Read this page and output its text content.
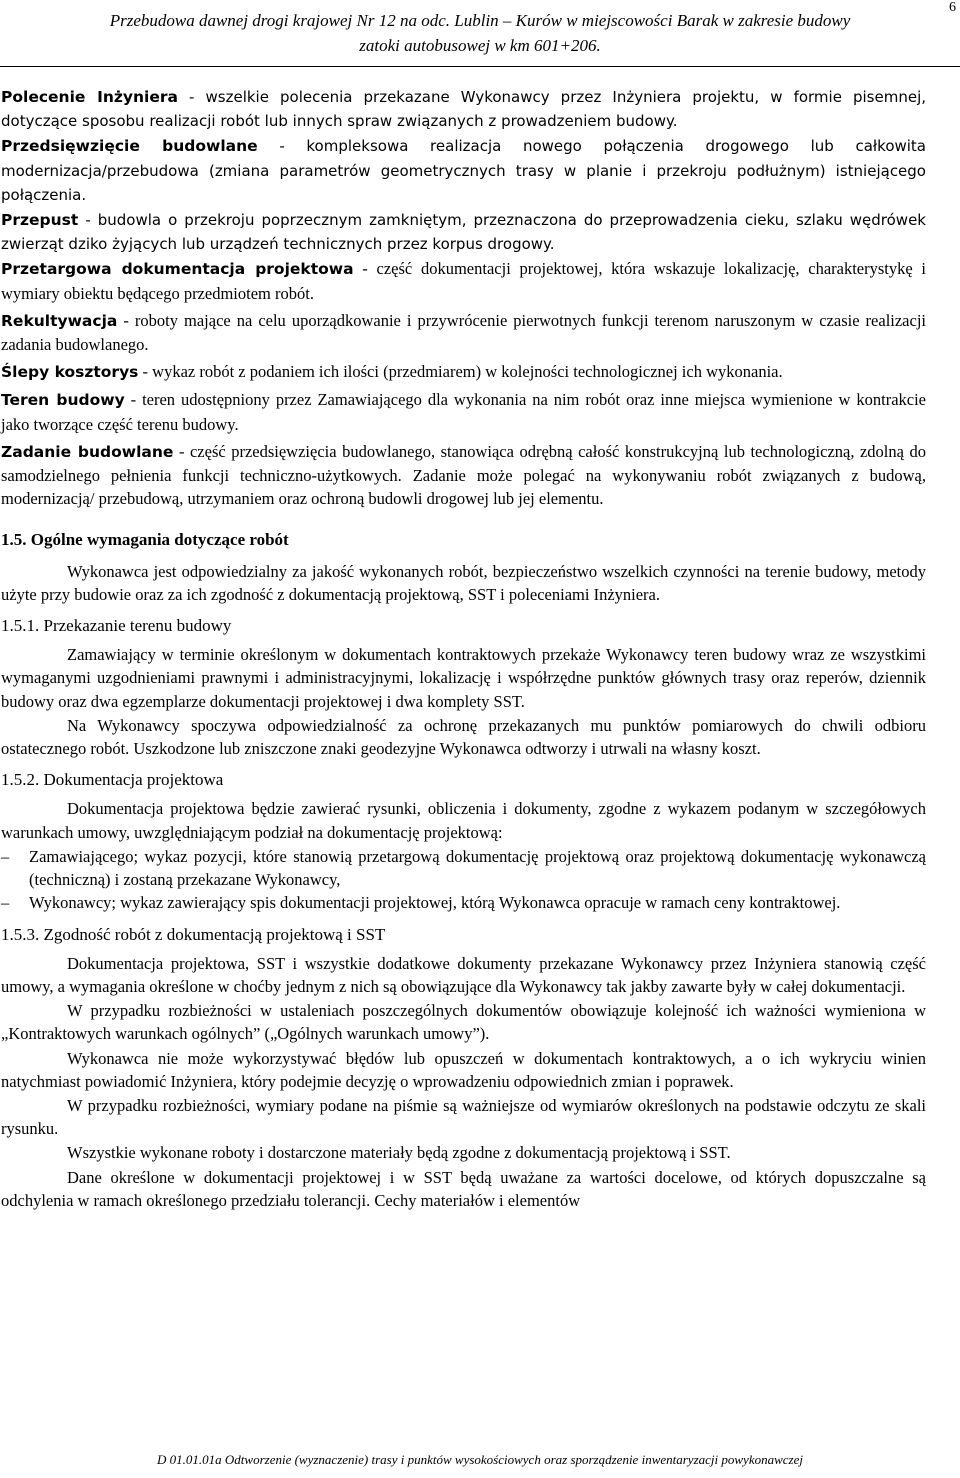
Przebudowa dawnej drogi krajowej Nr 12 na odc. Lublin – Kurów w miejscowości Barak w zakresie budowy
zatoki autobusowej w km 601+206.
6

Polecenie Inżyniera - wszelkie polecenia przekazane Wykonawcy przez Inżyniera projektu, w formie pisemnej, dotyczące sposobu realizacji robót lub innych spraw związanych z prowadzeniem budowy.

Przedsięwzięcie budowlane - kompleksowa realizacja nowego połączenia drogowego lub całkowita modernizacja/przebudowa (zmiana parametrów geometrycznych trasy w planie i przekroju podłużnym) istniejącego połączenia.

Przepust - budowla o przekroju poprzecznym zamkniętym, przeznaczona do przeprowadzenia cieku, szlaku wędrówek zwierząt dziko żyjących lub urządzeń technicznych przez korpus drogowy.

Przetargowa dokumentacja projektowa - część dokumentacji projektowej, która wskazuje lokalizację, charakterystykę i wymiary obiektu będącego przedmiotem robót.

Rekultywacja - roboty mające na celu uporządkowanie i przywrócenie pierwotnych funkcji terenom naruszonym w czasie realizacji zadania budowlanego.

Ślepy kosztorys - wykaz robót z podaniem ich ilości (przedmiarem) w kolejności technologicznej ich wykonania.

Teren budowy - teren udostępniony przez Zamawiającego dla wykonania na nim robót oraz inne miejsca wymienione w kontrakcie jako tworzące część terenu budowy.

Zadanie budowlane - część przedsięwzięcia budowlanego, stanowiąca odrębną całość konstrukcyjną lub technologiczną, zdolną do samodzielnego pełnienia funkcji techniczno-użytkowych. Zadanie może polegać na wykonywaniu robót związanych z budową, modernizacją/ przebudową, utrzymaniem oraz ochroną budowli drogowej lub jej elementu.

1.5. Ogólne wymagania dotyczące robót

Wykonawca jest odpowiedzialny za jakość wykonanych robót, bezpieczeństwo wszelkich czynności na terenie budowy, metody użyte przy budowie oraz za ich zgodność z dokumentacją projektową, SST i poleceniami Inżyniera.

1.5.1. Przekazanie terenu budowy

Zamawiający w terminie określonym w dokumentach kontraktowych przekaże Wykonawcy teren budowy wraz ze wszystkimi wymaganymi uzgodnieniami prawnymi i administracyjnymi, lokalizację i współrzędne punktów głównych trasy oraz reperów, dziennik budowy oraz dwa egzemplarze dokumentacji projektowej i dwa komplety SST.

Na Wykonawcy spoczywa odpowiedzialność za ochronę przekazanych mu punktów pomiarowych do chwili odbioru ostatecznego robót. Uszkodzone lub zniszczone znaki geodezyjne Wykonawca odtworzy i utrwali na własny koszt.

1.5.2. Dokumentacja projektowa

Dokumentacja projektowa będzie zawierać rysunki, obliczenia i dokumenty, zgodne z wykazem podanym w szczegółowych warunkach umowy, uwzględniającym podział na dokumentację projektową:

– Zamawiającego; wykaz pozycji, które stanowią przetargową dokumentację projektową oraz projektową dokumentację wykonawczą (techniczną) i zostaną przekazane Wykonawcy,

– Wykonawcy; wykaz zawierający spis dokumentacji projektowej, którą Wykonawca opracuje w ramach ceny kontraktowej.

1.5.3. Zgodność robót z dokumentacją projektową i SST

Dokumentacja projektowa, SST i wszystkie dodatkowe dokumenty przekazane Wykonawcy przez Inżyniera stanowią część umowy, a wymagania określone w choćby jednym z nich są obowiązujące dla Wykonawcy tak jakby zawarte były w całej dokumentacji.

W przypadku rozbieżności w ustaleniach poszczególnych dokumentów obowiązuje kolejność ich ważności wymieniona w „Kontraktowych warunkach ogólnych” („Ogólnych warunkach umowy”).

Wykonawca nie może wykorzystywać błędów lub opuszczeń w dokumentach kontraktowych, a o ich wykryciu winien natychmiast powiadomić Inżyniera, który podejmie decyzję o wprowadzeniu odpowiednich zmian i poprawek.

W przypadku rozbieżności, wymiary podane na piśmie są ważniejsze od wymiarów określonych na podstawie odczytu ze skali rysunku.

Wszystkie wykonane roboty i dostarczone materiały będą zgodne z dokumentacją projektową i SST.

Dane określone w dokumentacji projektowej i w SST będą uważane za wartości docelowe, od których dopuszczalne są odchylenia w ramach określonego przedziału tolerancji. Cechy materiałów i elementów

D 01.01.01a Odtworzenie (wyznaczenie) trasy i punktów wysokościowych oraz sporządzenie inwentaryzacji powykonawczej
